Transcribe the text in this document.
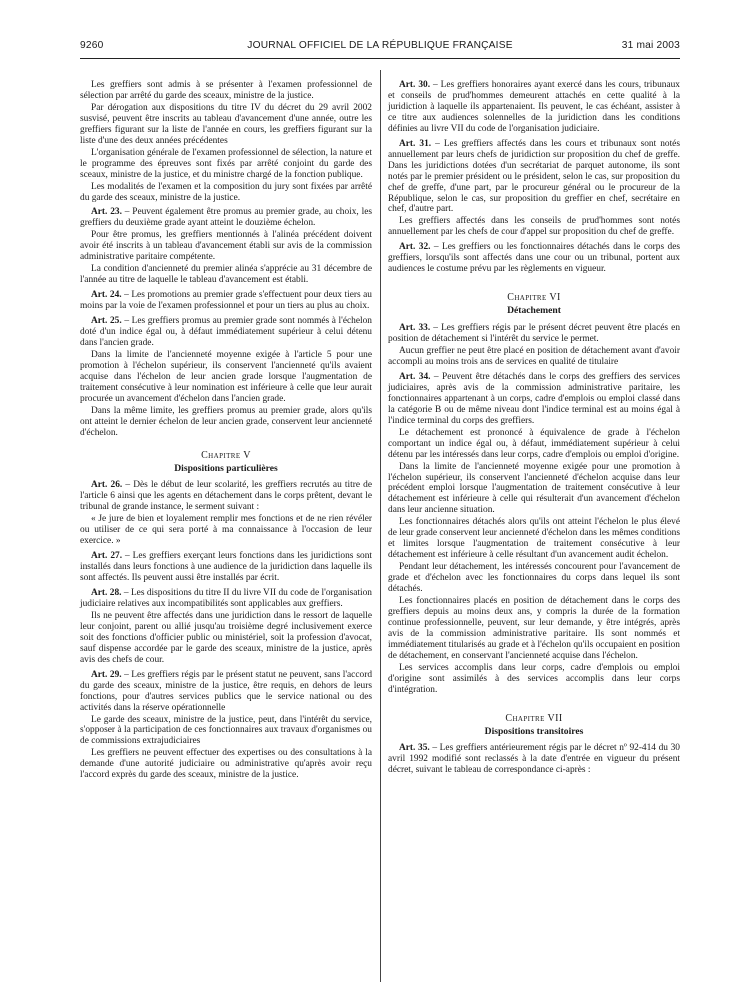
9260	JOURNAL OFFICIEL DE LA RÉPUBLIQUE FRANÇAISE	31 mai 2003

Les greffiers sont admis à se présenter à l'examen professionnel de sélection par arrêté du garde des sceaux, ministre de la justice.

Par dérogation aux dispositions du titre IV du décret du 29 avril 2002 susvisé, peuvent être inscrits au tableau d'avancement d'une année, outre les greffiers figurant sur la liste de l'année en cours, les greffiers figurant sur la liste d'une des deux années précédentes

L'organisation générale de l'examen professionnel de sélection, la nature et le programme des épreuves sont fixés par arrêté conjoint du garde des sceaux, ministre de la justice, et du ministre chargé de la fonction publique.

Les modalités de l'examen et la composition du jury sont fixées par arrêté du garde des sceaux, ministre de la justice.

Art. 23. – Peuvent également être promus au premier grade, au choix, les greffiers du deuxième grade ayant atteint le douzième échelon.

Pour être promus, les greffiers mentionnés à l'alinéa précédent doivent avoir été inscrits à un tableau d'avancement établi sur avis de la commission administrative paritaire compétente.

La condition d'ancienneté du premier alinéa s'apprécie au 31 décembre de l'année au titre de laquelle le tableau d'avancement est établi.

Art. 24. – Les promotions au premier grade s'effectuent pour deux tiers au moins par la voie de l'examen professionnel et pour un tiers au plus au choix.

Art. 25. – Les greffiers promus au premier grade sont nommés à l'échelon doté d'un indice égal ou, à défaut immédiatement supérieur à celui détenu dans l'ancien grade.

Dans la limite de l'ancienneté moyenne exigée à l'article 5 pour une promotion à l'échelon supérieur, ils conservent l'ancienneté qu'ils avaient acquise dans l'échelon de leur ancien grade lorsque l'augmentation de traitement consécutive à leur nomination est inférieure à celle que leur aurait procurée un avancement d'échelon dans l'ancien grade.

Dans la même limite, les greffiers promus au premier grade, alors qu'ils ont atteint le dernier échelon de leur ancien grade, conservent leur ancienneté d'échelon.

Chapitre V

Dispositions particulières

Art. 26. – Dès le début de leur scolarité, les greffiers recrutés au titre de l'article 6 ainsi que les agents en détachement dans le corps prêtent, devant le tribunal de grande instance, le serment suivant :

« Je jure de bien et loyalement remplir mes fonctions et de ne rien révéler ou utiliser de ce qui sera porté à ma connaissance à l'occasion de leur exercice. »

Art. 27. – Les greffiers exerçant leurs fonctions dans les juridictions sont installés dans leurs fonctions à une audience de la juridiction dans laquelle ils sont affectés. Ils peuvent aussi être installés par écrit.

Art. 28. – Les dispositions du titre II du livre VII du code de l'organisation judiciaire relatives aux incompatibilités sont applicables aux greffiers.

Ils ne peuvent être affectés dans une juridiction dans le ressort de laquelle leur conjoint, parent ou allié jusqu'au troisième degré inclusivement exerce soit des fonctions d'officier public ou ministériel, soit la profession d'avocat, sauf dispense accordée par le garde des sceaux, ministre de la justice, après avis des chefs de cour.

Art. 29. – Les greffiers régis par le présent statut ne peuvent, sans l'accord du garde des sceaux, ministre de la justice, être requis, en dehors de leurs fonctions, pour d'autres services publics que le service national ou des activités dans la réserve opérationnelle

Le garde des sceaux, ministre de la justice, peut, dans l'intérêt du service, s'opposer à la participation de ces fonctionnaires aux travaux d'organismes ou de commissions extrajudiciaires

Les greffiers ne peuvent effectuer des expertises ou des consultations à la demande d'une autorité judiciaire ou administrative qu'après avoir reçu l'accord exprès du garde des sceaux, ministre de la justice.

Art. 30. – Les greffiers honoraires ayant exercé dans les cours, tribunaux et conseils de prud'hommes demeurent attachés en cette qualité à la juridiction à laquelle ils appartenaient. Ils peuvent, le cas échéant, assister à ce titre aux audiences solennelles de la juridiction dans les conditions définies au livre VII du code de l'organisation judiciaire.

Art. 31. – Les greffiers affectés dans les cours et tribunaux sont notés annuellement par leurs chefs de juridiction sur proposition du chef de greffe. Dans les juridictions dotées d'un secrétariat de parquet autonome, ils sont notés par le premier président ou le président, selon le cas, sur proposition du chef de greffe, d'une part, par le procureur général ou le procureur de la République, selon le cas, sur proposition du greffier en chef, secrétaire en chef, d'autre part.

Les greffiers affectés dans les conseils de prud'hommes sont notés annuellement par les chefs de cour d'appel sur proposition du chef de greffe.

Art. 32. – Les greffiers ou les fonctionnaires détachés dans le corps des greffiers, lorsqu'ils sont affectés dans une cour ou un tribunal, portent aux audiences le costume prévu par les règlements en vigueur.

Chapitre VI

Détachement

Art. 33. – Les greffiers régis par le présent décret peuvent être placés en position de détachement si l'intérêt du service le permet.

Aucun greffier ne peut être placé en position de détachement avant d'avoir accompli au moins trois ans de services en qualité de titulaire

Art. 34. – Peuvent être détachés dans le corps des greffiers des services judiciaires, après avis de la commission administrative paritaire, les fonctionnaires appartenant à un corps, cadre d'emplois ou emploi classé dans la catégorie B ou de même niveau dont l'indice terminal est au moins égal à l'indice terminal du corps des greffiers.

Le détachement est prononcé à équivalence de grade à l'échelon comportant un indice égal ou, à défaut, immédiatement supérieur à celui détenu par les intéressés dans leur corps, cadre d'emplois ou emploi d'origine.

Dans la limite de l'ancienneté moyenne exigée pour une promotion à l'échelon supérieur, ils conservent l'ancienneté d'échelon acquise dans leur précédent emploi lorsque l'augmentation de traitement consécutive à leur détachement est inférieure à celle qui résulterait d'un avancement d'échelon dans leur ancienne situation.

Les fonctionnaires détachés alors qu'ils ont atteint l'échelon le plus élevé de leur grade conservent leur ancienneté d'échelon dans les mêmes conditions et limites lorsque l'augmentation de traitement consécutive à leur détachement est inférieure à celle résultant d'un avancement audit échelon.

Pendant leur détachement, les intéressés concourent pour l'avancement de grade et d'échelon avec les fonctionnaires du corps dans lequel ils sont détachés.

Les fonctionnaires placés en position de détachement dans le corps des greffiers depuis au moins deux ans, y compris la durée de la formation continue professionnelle, peuvent, sur leur demande, y être intégrés, après avis de la commission administrative paritaire. Ils sont nommés et immédiatement titularisés au grade et à l'échelon qu'ils occupaient en position de détachement, en conservant l'ancienneté acquise dans l'échelon.

Les services accomplis dans leur corps, cadre d'emplois ou emploi d'origine sont assimilés à des services accomplis dans leur corps d'intégration.

Chapitre VII

Dispositions transitoires

Art. 35. – Les greffiers antérieurement régis par le décret nº 92-414 du 30 avril 1992 modifié sont reclassés à la date d'entrée en vigueur du présent décret, suivant le tableau de correspondance ci-après :
